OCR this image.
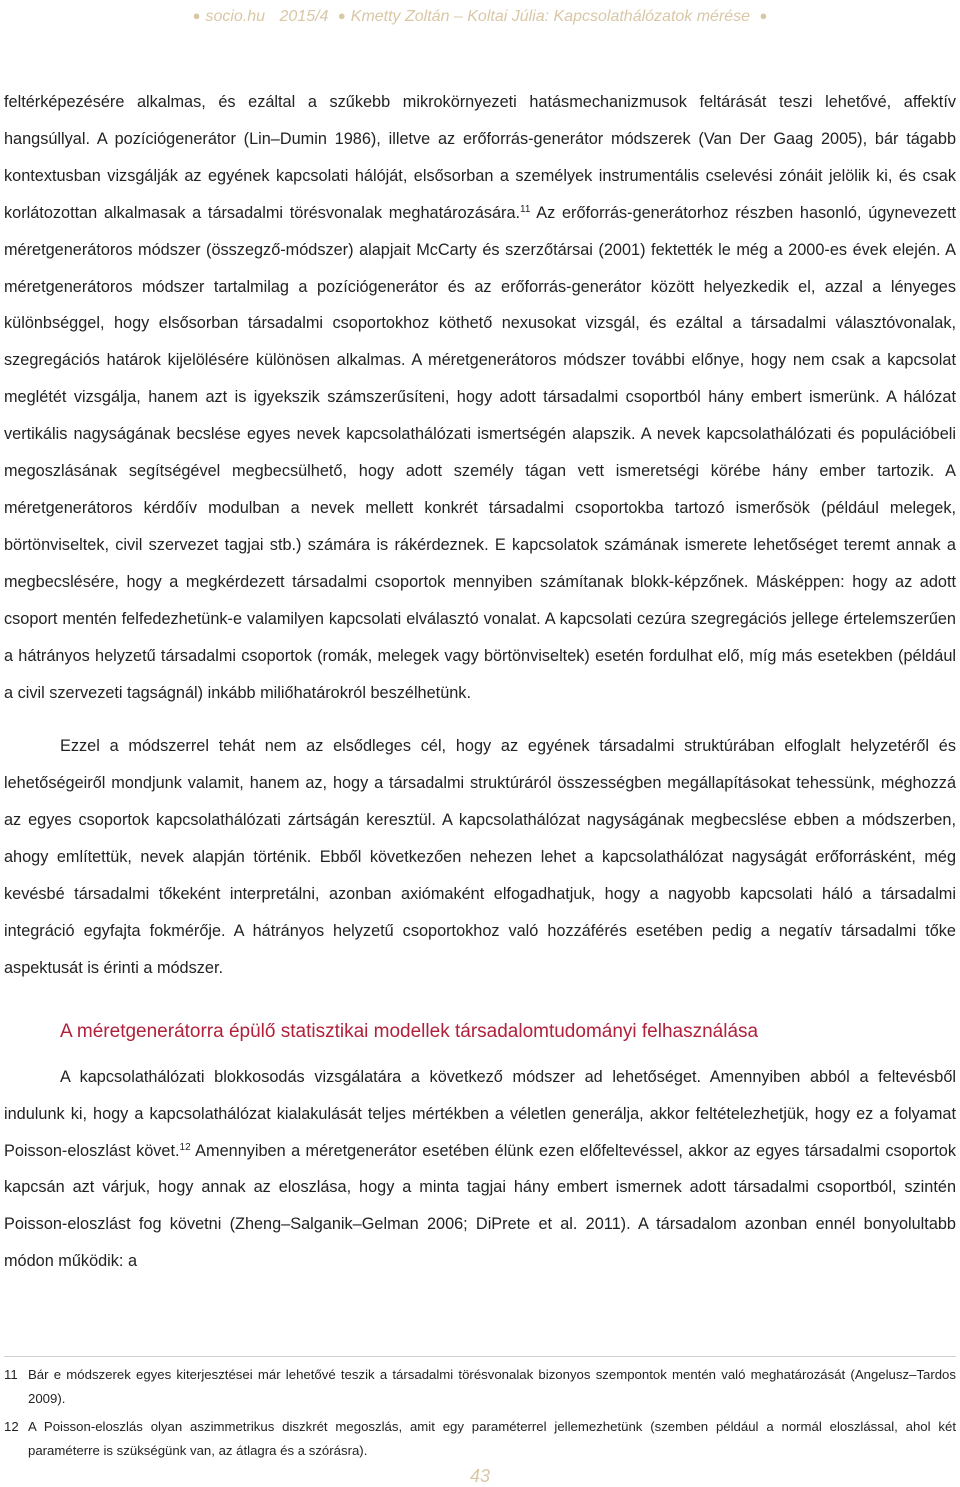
● socio.hu 2015/4 ● Kmetty Zoltán – Koltai Júlia: Kapcsolathálózatok mérése ●

feltérképezésére alkalmas, és ezáltal a szűkebb mikrokörnyezeti hatásmechanizmusok feltárását teszi lehetővé, affektív hangsúllyal. A pozíciógenerátor (Lin–Dumin 1986), illetve az erőforrás-generátor módszerek (Van Der Gaag 2005), bár tágabb kontextusban vizsgálják az egyének kapcsolati hálóját, elsősorban a személyek instrumentális cselevési zónáit jelölik ki, és csak korlátozottan alkalmasak a társadalmi törésvonalak meghatározására.$^{11}$ Az erőforrás-generátorhoz részben hasonló, úgynevezett méretgenerátoros módszer (összegző-módszer) alapjait McCarty és szerzőtársai (2001) fektették le még a 2000-es évek elején. A méretgenerátoros módszer tartalmilag a pozíciógenerátor és az erőforrás-generátor között helyezkedik el, azzal a lényeges különbséggel, hogy elsősorban társadalmi csoportokhoz köthető nexusokat vizsgál, és ezáltal a társadalmi választóvonalak, szegregációs határok kijelölésére különösen alkalmas. A méretgenerátoros módszer további előnye, hogy nem csak a kapcsolat meglétét vizsgálja, hanem azt is igyekszik számszerűsíteni, hogy adott társadalmi csoportból hány embert ismerünk. A hálózat vertikális nagyságának becslése egyes nevek kapcsolathálózati ismertségén alapszik. A nevek kapcsolathálózati és populációbeli megoszlásának segítségével megbecsülhető, hogy adott személy tágan vett ismeretségi körébe hány ember tartozik. A méretgenerátoros kérdőív modulban a nevek mellett konkrét társadalmi csoportokba tartozó ismerősök (például melegek, börtönviseltek, civil szervezet tagjai stb.) számára is rákérdeznek. E kapcsolatok számának ismerete lehetőséget teremt annak a megbecslésére, hogy a megkérdezett társadalmi csoportok mennyiben számítanak blokk-képzőnek. Másképpen: hogy az adott csoport mentén felfedezhetünk-e valamilyen kapcsolati elválasztó vonalat. A kapcsolati cezúra szegregációs jellege értelemszerűen a hátrányos helyzetű társadalmi csoportok (romák, melegek vagy börtönviseltek) esetén fordulhat elő, míg más esetekben (például a civil szervezeti tagságnál) inkább miliőhatárokról beszélhetünk.

Ezzel a módszerrel tehát nem az elsődleges cél, hogy az egyének társadalmi struktúrában elfoglalt helyzetéről és lehetőségeiről mondjunk valamit, hanem az, hogy a társadalmi struktúráról összességben megállapításokat tehessünk, méghozzá az egyes csoportok kapcsolathálózati zártságán keresztül. A kapcsolathálózat nagyságának megbecslése ebben a módszerben, ahogy említettük, nevek alapján történik. Ebből következően nehezen lehet a kapcsolathálózat nagyságát erőforrásként, még kevésbé társadalmi tőkeként interpretálni, azonban axiómaként elfogadhatjuk, hogy a nagyobb kapcsolati háló a társadalmi integráció egyfajta fokmérője. A hátrányos helyzetű csoportokhoz való hozzáférés esetében pedig a negatív társadalmi tőke aspektusát is érinti a módszer.

A méretgenerátorra épülő statisztikai modellek társadalomtudományi felhasználása

A kapcsolathálózati blokkosodás vizsgálatára a következő módszer ad lehetőséget. Amennyiben abból a feltevésből indulunk ki, hogy a kapcsolathálózat kialakulását teljes mértékben a véletlen generálja, akkor feltételezhetjük, hogy ez a folyamat Poisson-eloszlást követ.$^{12}$ Amennyiben a méretgenerátor esetében élünk ezen előfeltevéssel, akkor az egyes társadalmi csoportok kapcsán azt várjuk, hogy annak az eloszlása, hogy a minta tagjai hány embert ismernek adott társadalmi csoportból, szintén Poisson-eloszlást fog követni (Zheng–Salganik–Gelman 2006; DiPrete et al. 2011). A társadalom azonban ennél bonyolultabb módon működik: a

11 Bár e módszerek egyes kiterjesztései már lehetővé teszik a társadalmi törésvonalak bizonyos szempontok mentén való meghatározását (Angelusz–Tardos 2009).
12 A Poisson-eloszlás olyan aszimmetrikus diszkrét megoszlás, amit egy paraméterrel jellemezhetünk (szemben például a normál eloszlással, ahol két paraméterre is szükségünk van, az átlagra és a szórásra).
43
